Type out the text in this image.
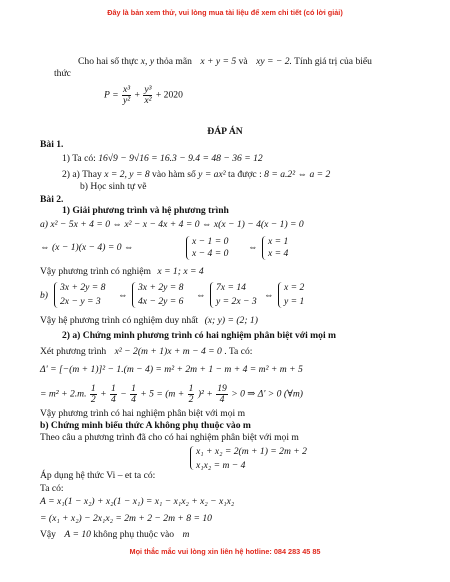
Đây là bản xem thử, vui lòng mua tài liệu để xem chi tiết (có lời giải)
Cho hai số thực x, y thỏa mãn x + y = 5 và xy = − 2. Tính giá trị của biểu
thức
$P = \frac{\text{x³}}{\text{y²}} + \frac{\text{y³}}{\text{x²}} + 2020$
ĐÁP ÁN
Bài 1.
1) Ta có: 16√9 − 9√16 = 16.3 − 9.4 = 48 − 36 = 12
2) a) Thay x = 2, y = 8 vào hàm số y = ax² ta được : 8 = a.2² ⇔ a = 2
b) Học sinh tự vẽ
Bài 2.
1) Giải phương trình và hệ phương trình
a) x² − 5x + 4 = 0 ⇔ x² − x − 4x + 4 = 0 ⇔ x(x − 1) − 4(x − 1) = 0
⇔ (x − 1)(x − 4) = 0 ⇔
x − 1 = 0
x − 4 = 0
⇔
x = 1
x = 4
Vậy phương trình có nghiệm x = 1; x = 4
b)
3x + 2y = 8
2x − y = 3
⇔
3x + 2y = 8
4x − 2y = 6
⇔
7x = 14
y = 2x − 3
⇔
x = 2
y = 1
Vậy hệ phương trình có nghiệm duy nhất (x; y) = (2; 1)
2) a) Chứng minh phương trình có hai nghiệm phân biệt với mọi m
Xét phương trình x² − 2(m + 1)x + m − 4 = 0 . Ta có:
Δ' = [−(m + 1)]² − 1.(m − 4) = m² + 2m + 1 − m + 4 = m² + m + 5
= m² + 2.m. $\frac{1}{2} + \frac{1}{4} - \frac{1}{4} + 5 = (m + \frac{1}{2} )^2 + \frac{19}{4} > 0$ ⇒ Δ' > 0 (∀m)
Vậy phương trình có hai nghiệm phân biệt với mọi m
b) Chứng minh biểu thức A không phụ thuộc vào m
Theo câu a phương trình đã cho có hai nghiệm phân biệt với mọi m
x₁ + x₂ = 2(m + 1) = 2m + 2
x₁x₂ = m − 4
Áp dụng hệ thức Vi – et ta có:
Ta có:
A = x₁(1 − x₂) + x₂(1 − x₁) = x₁ − x₁x₂ + x₂ − x₁x₂
= (x₁ + x₂) − 2x₁x₂ = 2m + 2 − 2m + 8 = 10
Vậy A = 10 không phụ thuộc vào m
Mọi thắc mắc vui lòng xin liên hệ hotline: 084 283 45 85
